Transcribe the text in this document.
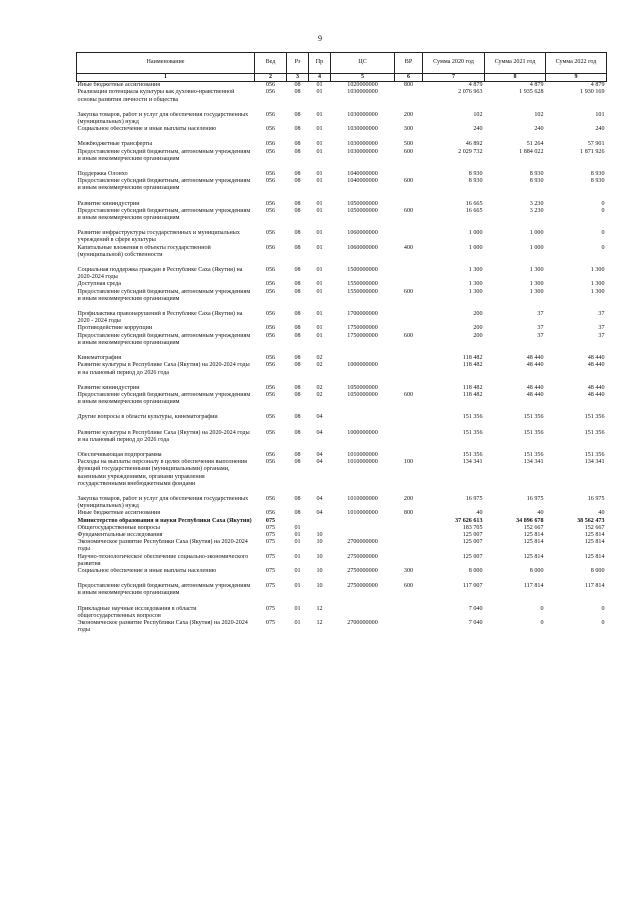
9
Наименование	Вед	Рз	Пр	ЦС	ВР	Сумма 2020 год	Сумма 2021 год	Сумма 2022 год
1	2	3	4	5	6	7	8	9
Иные бюджетные ассигнования	056	08	01	1020000000	800	4 879	4 879	4 879
Реализация потенциала культуры как духовно-нравственной основы развития личности и общества	056	08	01	1030000000		2 076 963	1 935 628	1 930 169

Закупка товаров, работ и услуг для обеспечения государственных (муниципальных) нужд	056	08	01	1030000000	200	102	102	101
Социальное обеспечение и иные выплаты населению	056	08	01	1030000000	300	240	240	240

Межбюджетные трансферты	056	08	01	1030000000	500	46 892	51 264	57 901
Предоставление субсидий бюджетным, автономным учреждениям и иным некоммерческим организациям	056	08	01	1030000000	600	2 029 732	1 884 022	1 871 926

Поддержка Олонхо	056	08	01	1040000000		8 930	8 930	8 930
Предоставление субсидий бюджетным, автономным учреждениям и иным некоммерческим организациям	056	08	01	1040000000	600	8 930	8 930	8 930

Развитие кининдустрии	056	08	01	1050000000		16 665	3 230	0
Предоставление субсидий бюджетным, автономным учреждениям и иным некоммерческим организациям	056	08	01	1050000000	600	16 665	3 230	0

Развитие инфраструктуры государственных и муниципальных учреждений в сфере культуры	056	08	01	1060000000		1 000	1 000	0
Капитальные вложения в объекты государственной (муниципальной) собственности	056	08	01	1060000000	400	1 000	1 000	0

Социальная поддержка граждан в Республике Саха (Якутия) на 2020-2024 годы	056	08	01	1500000000		1 300	1 300	1 300
Доступная среда	056	08	01	1550000000		1 300	1 300	1 300
Предоставление субсидий бюджетным, автономным учреждениям и иным некоммерческим организациям	056	08	01	1550000000	600	1 300	1 300	1 300

Профилактика правонарушений в Республике Саха (Якутия) на 2020 - 2024 годы	056	08	01	1700000000		200	37	37
Противодействие коррупции	056	08	01	1750000000		200	37	37
Предоставление субсидий бюджетным, автономным учреждениям и иным некоммерческим организациям	056	08	01	1750000000	600	200	37	37

Кинематография	056	08	02			118 482	48 440	48 440
Развитие культуры в Республике Саха (Якутия) на 2020-2024 годы и на плановый период до 2026 года	056	08	02	1000000000		118 482	48 440	48 440

Развитие кининдустрии	056	08	02	1050000000		118 482	48 440	48 440
Предоставление субсидий бюджетным, автономным учреждениям и иным некоммерческим организациям	056	08	02	1050000000	600	118 482	48 440	48 440

Другие вопросы в области культуры, кинематографии	056	08	04			151 356	151 356	151 356

Развитие культуры в Республике Саха (Якутия) на 2020-2024 годы и на плановый период до 2026 года	056	08	04	1000000000		151 356	151 356	151 356

Обеспечивающая подпрограмма	056	08	04	1010000000		151 356	151 356	151 356
Расходы на выплаты персоналу в целях обеспечения выполнения функций государственными (муниципальными) органами, казенными учреждениями, органами управления государственными внебюджетными фондами	056	08	04	1010000000	100	134 341	134 341	134 341

Закупка товаров, работ и услуг для обеспечения государственных (муниципальных) нужд	056	08	04	1010000000	200	16 975	16 975	16 975
Иные бюджетные ассигнования	056	08	04	1010000000	800	40	40	40
Министерство образования и науки Республики Саха (Якутия)	075					37 626 613	34 896 678	38 562 473
Общегосударственные вопросы	075	01				183 705	152 667	152 667
Фундаментальные исследования	075	01	10			125 007	125 814	125 814
Экономическое развитие Республики Саха (Якутия) на 2020-2024 годы	075	01	10	2700000000		125 007	125 814	125 814
Научно-технологическое обеспечение социально-экономического развития	075	01	10	2750000000		125 007	125 814	125 814
Социальное обеспечение и иные выплаты населению	075	01	10	2750000000	300	8 000	8 000	8 000

Предоставление субсидий бюджетным, автономным учреждениям и иным некоммерческим организациям	075	01	10	2750000000	600	117 007	117 814	117 814

Прикладные научные исследования в области общегосударственных вопросов	075	01	12			7 040	0	0
Экономическое развитие Республики Саха (Якутия) на 2020-2024 годы	075	01	12	2700000000		7 040	0	0
